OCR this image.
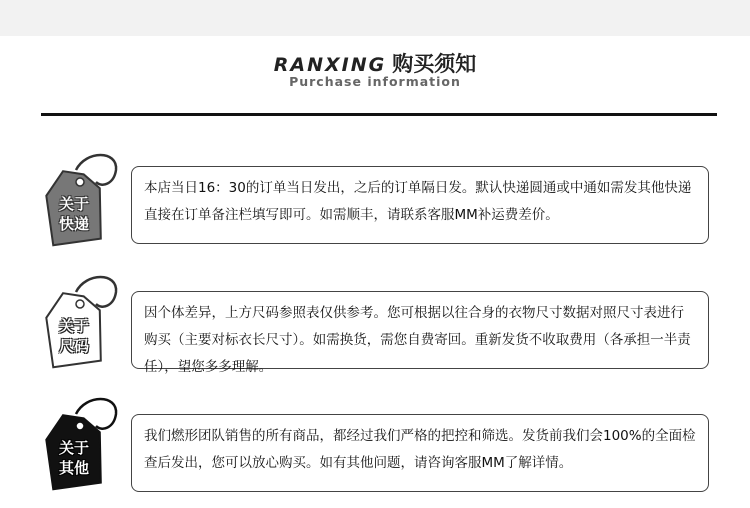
RANXING 购买须知
Purchase information
关于
快递
本店当日16：30的订单当日发出，之后的订单隔日发。默认快递圆通或中通如需发其他快递直接在订单备注栏填写即可。如需顺丰，请联系客服MM补运费差价。
关于
尺码
因个体差异，上方尺码参照表仅供参考。您可根据以往合身的衣物尺寸数据对照尺寸表进行购买（主要对标衣长尺寸）。如需换货，需您自费寄回。重新发货不收取费用（各承担一半责任），望您多多理解。
关于
其他
我们燃形团队销售的所有商品，都经过我们严格的把控和筛选。发货前我们会100%的全面检查后发出，您可以放心购买。如有其他问题，请咨询客服MM了解详情。
